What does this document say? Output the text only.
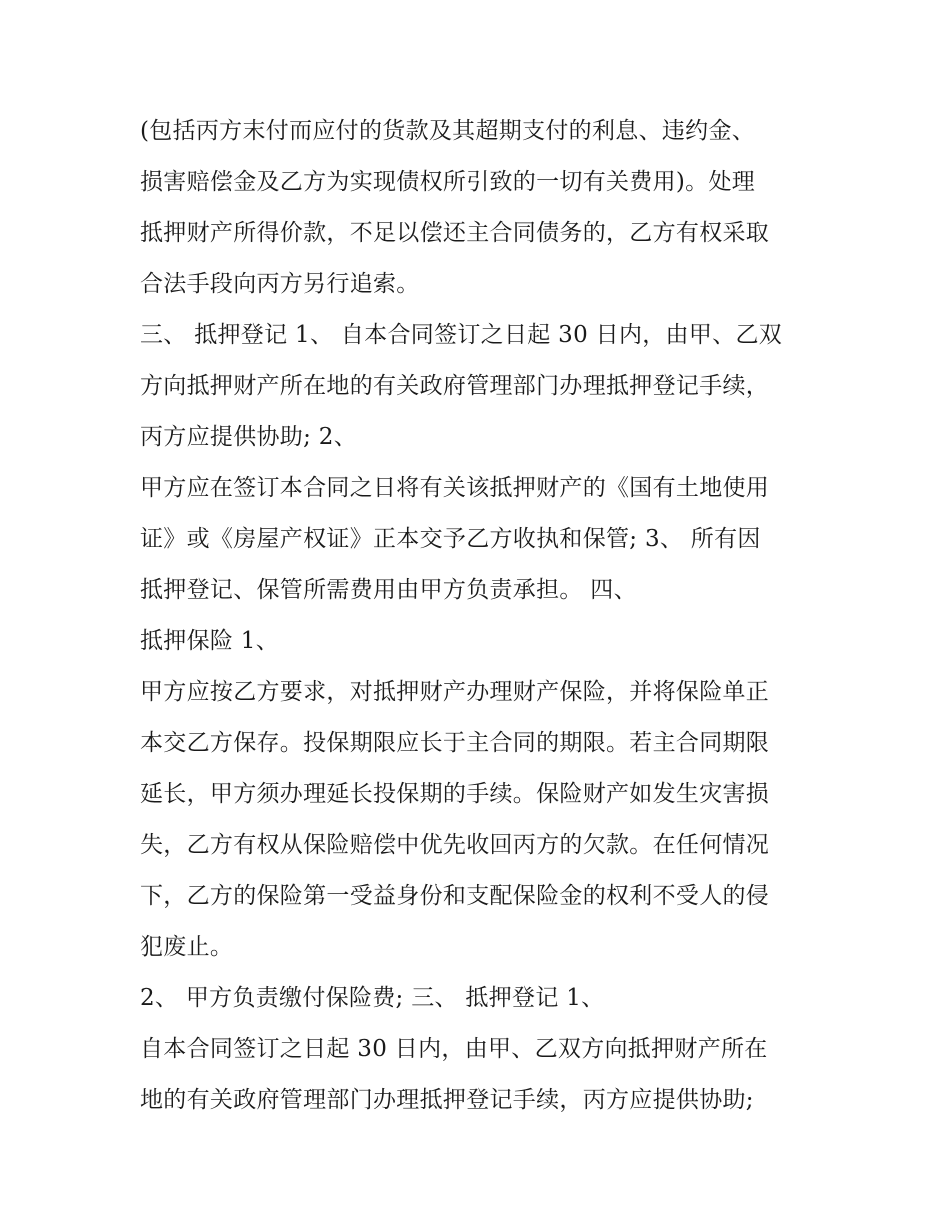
(包括丙方末付而应付的货款及其超期支付的利息、违约金、
损害赔偿金及乙方为实现债权所引致的一切有关费用)。处理
抵押财产所得价款，不足以偿还主合同债务的，乙方有权采取
合法手段向丙方另行追索。
三、 抵押登记 1、 自本合同签订之日起 30 日内，由甲、乙双
方向抵押财产所在地的有关政府管理部门办理抵押登记手续，
丙方应提供协助; 2、
甲方应在签订本合同之日将有关该抵押财产的《国有土地使用
证》或《房屋产权证》正本交予乙方收执和保管; 3、 所有因
抵押登记、保管所需费用由甲方负责承担。 四、
抵押保险 1、
甲方应按乙方要求，对抵押财产办理财产保险，并将保险单正
本交乙方保存。投保期限应长于主合同的期限。若主合同期限
延长，甲方须办理延长投保期的手续。保险财产如发生灾害损
失，乙方有权从保险赔偿中优先收回丙方的欠款。在任何情况
下，乙方的保险第一受益身份和支配保险金的权利不受人的侵
犯废止。
2、 甲方负责缴付保险费; 三、 抵押登记 1、
自本合同签订之日起 30 日内，由甲、乙双方向抵押财产所在
地的有关政府管理部门办理抵押登记手续，丙方应提供协助;
